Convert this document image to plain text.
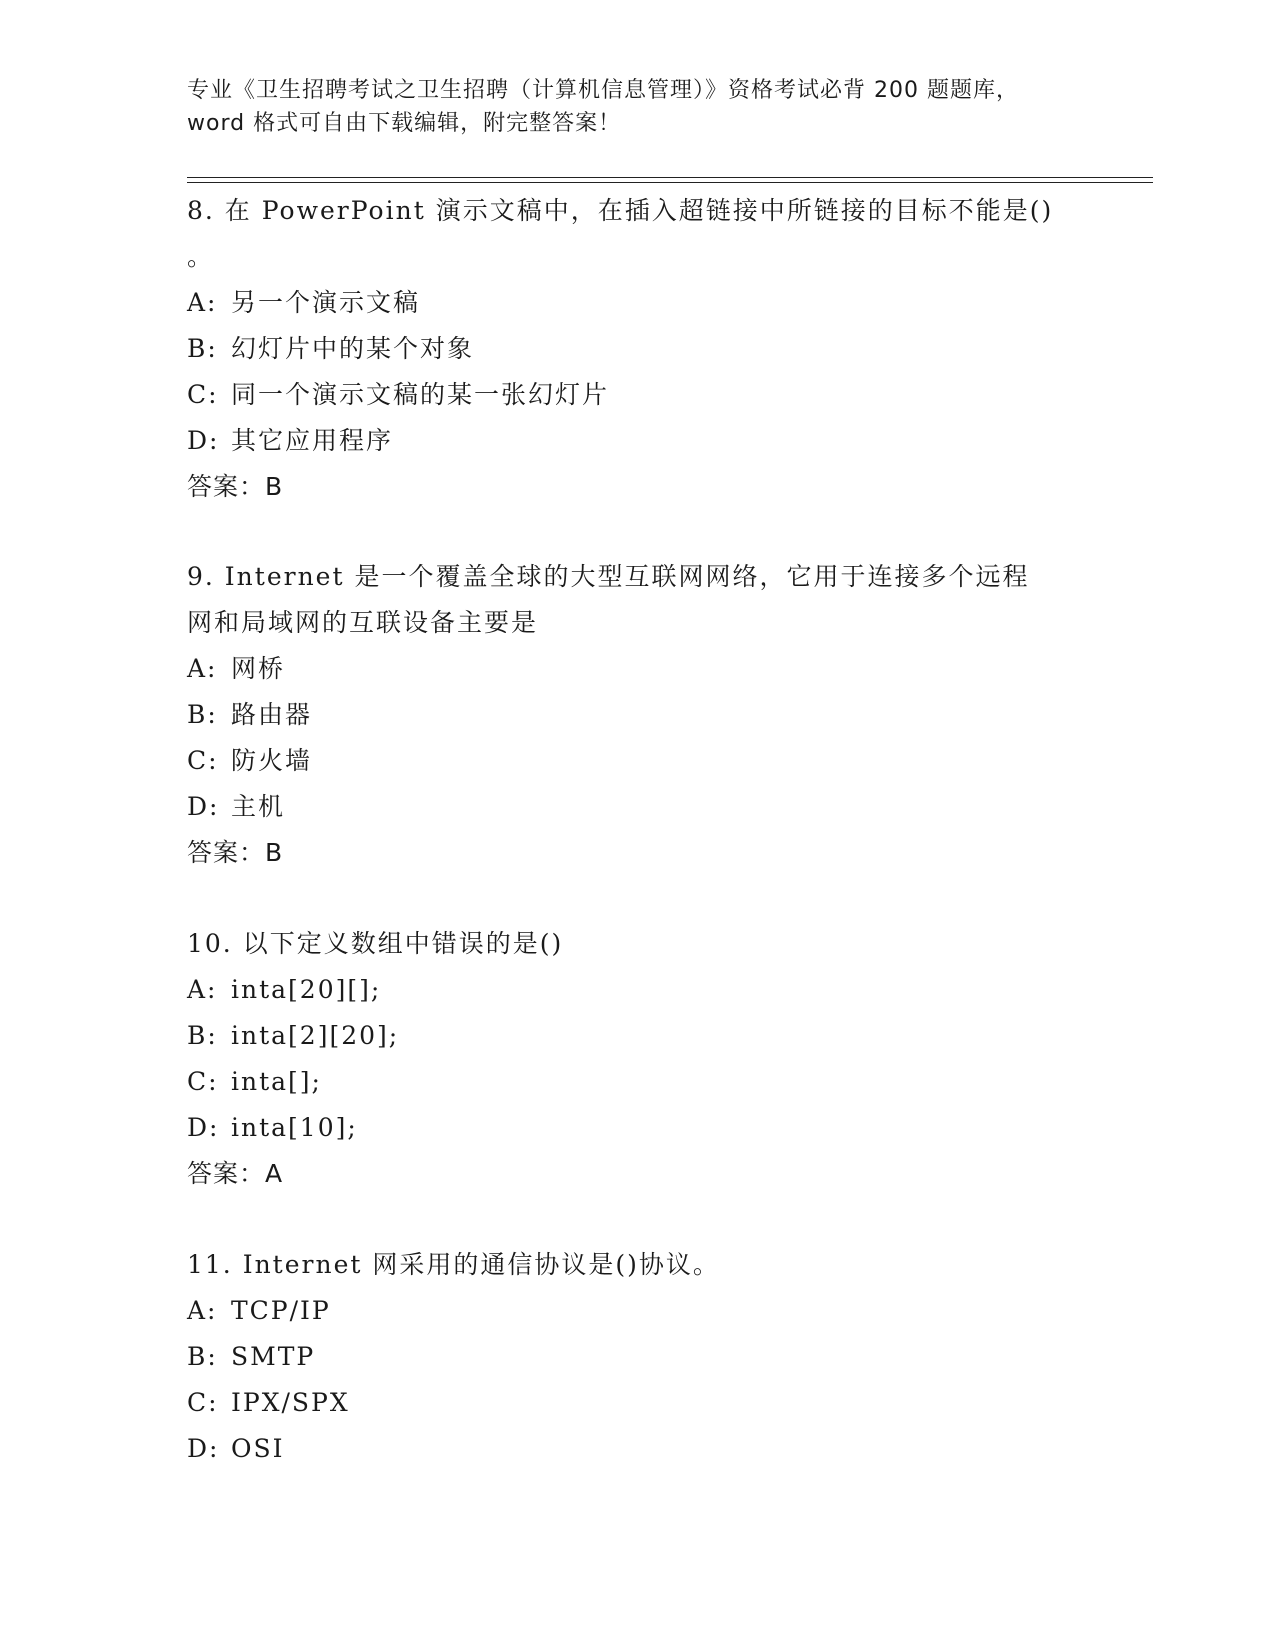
专业《卫生招聘考试之卫生招聘（计算机信息管理）》资格考试必背 200 题题库，
word 格式可自由下载编辑，附完整答案！

8. 在 PowerPoint 演示文稿中，在插入超链接中所链接的目标不能是()

。

A: 另一个演示文稿

B: 幻灯片中的某个对象

C: 同一个演示文稿的某一张幻灯片

D: 其它应用程序

答案：B

9. Internet 是一个覆盖全球的大型互联网网络，它用于连接多个远程

网和局域网的互联设备主要是

A: 网桥

B: 路由器

C: 防火墙

D: 主机

答案：B

10. 以下定义数组中错误的是()

A: inta[20][];

B: inta[2][20];

C: inta[];

D: inta[10];

答案：A

11. Internet 网采用的通信协议是()协议。

A: TCP/IP

B: SMTP

C: IPX/SPX

D: OSI
